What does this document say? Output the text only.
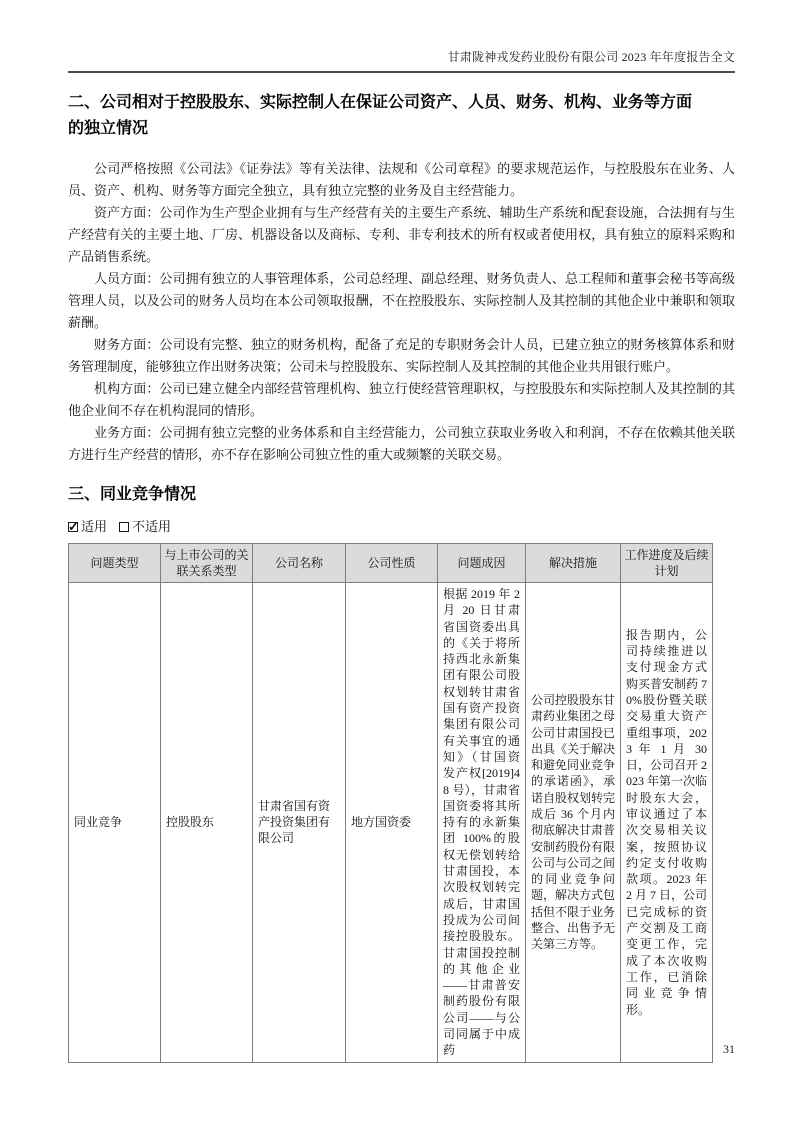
甘肃陇神戎发药业股份有限公司 2023 年年度报告全文
二、公司相对于控股股东、实际控制人在保证公司资产、人员、财务、机构、业务等方面
的独立情况

公司严格按照《公司法》《证券法》等有关法律、法规和《公司章程》的要求规范运作，与控股股东在业务、人员、资产、机构、财务等方面完全独立，具有独立完整的业务及自主经营能力。

资产方面：公司作为生产型企业拥有与生产经营有关的主要生产系统、辅助生产系统和配套设施，合法拥有与生产经营有关的主要土地、厂房、机器设备以及商标、专利、非专利技术的所有权或者使用权，具有独立的原料采购和产品销售系统。

人员方面：公司拥有独立的人事管理体系，公司总经理、副总经理、财务负责人、总工程师和董事会秘书等高级管理人员，以及公司的财务人员均在本公司领取报酬，不在控股股东、实际控制人及其控制的其他企业中兼职和领取薪酬。

财务方面：公司设有完整、独立的财务机构，配备了充足的专职财务会计人员，已建立独立的财务核算体系和财务管理制度，能够独立作出财务决策；公司未与控股股东、实际控制人及其控制的其他企业共用银行账户。

机构方面：公司已建立健全内部经营管理机构、独立行使经营管理职权，与控股股东和实际控制人及其控制的其他企业间不存在机构混同的情形。

业务方面：公司拥有独立完整的业务体系和自主经营能力，公司独立获取业务收入和利润，不存在依赖其他关联方进行生产经营的情形，亦不存在影响公司独立性的重大或频繁的关联交易。

三、同业竞争情况
✓
适用 不适用
问题类型	与上市公司的关联关系类型	公司名称	公司性质	问题成因	解决措施	工作进度及后续计划
同业竞争	控股股东	甘肃省国有资产投资集团有限公司	地方国资委	根据 2019 年 2 月 20 日甘肃省国资委出具的《关于将所持西北永新集团有限公司股权划转甘肃省国有资产投资集团有限公司有关事宜的通知》（甘国资发产权[2019]48 号），甘肃省国资委将其所持有的永新集团 100%的股权无偿划转给甘肃国投，本次股权划转完成后，甘肃国投成为公司间接控股股东。甘肃国投控制的其他企业——甘肃普安制药股份有限公司——与公司同属于中成药	公司控股股东甘肃药业集团之母公司甘肃国投已出具《关于解决和避免同业竞争的承诺函》，承诺自股权划转完成后 36 个月内彻底解决甘肃普安制药股份有限公司与公司之间的同业竞争问题，解决方式包括但不限于业务整合、出售予无关第三方等。	报告期内，公司持续推进以支付现金方式购买普安制药 70%股份暨关联交易重大资产重组事项，2023 年 1 月 30 日，公司召开 2023 年第一次临时股东大会，审议通过了本次交易相关议案，按照协议约定支付收购款项。2023 年 2 月 7 日，公司已完成标的资产交割及工商变更工作，完成了本次收购工作，已消除同业竞争情形。
31
